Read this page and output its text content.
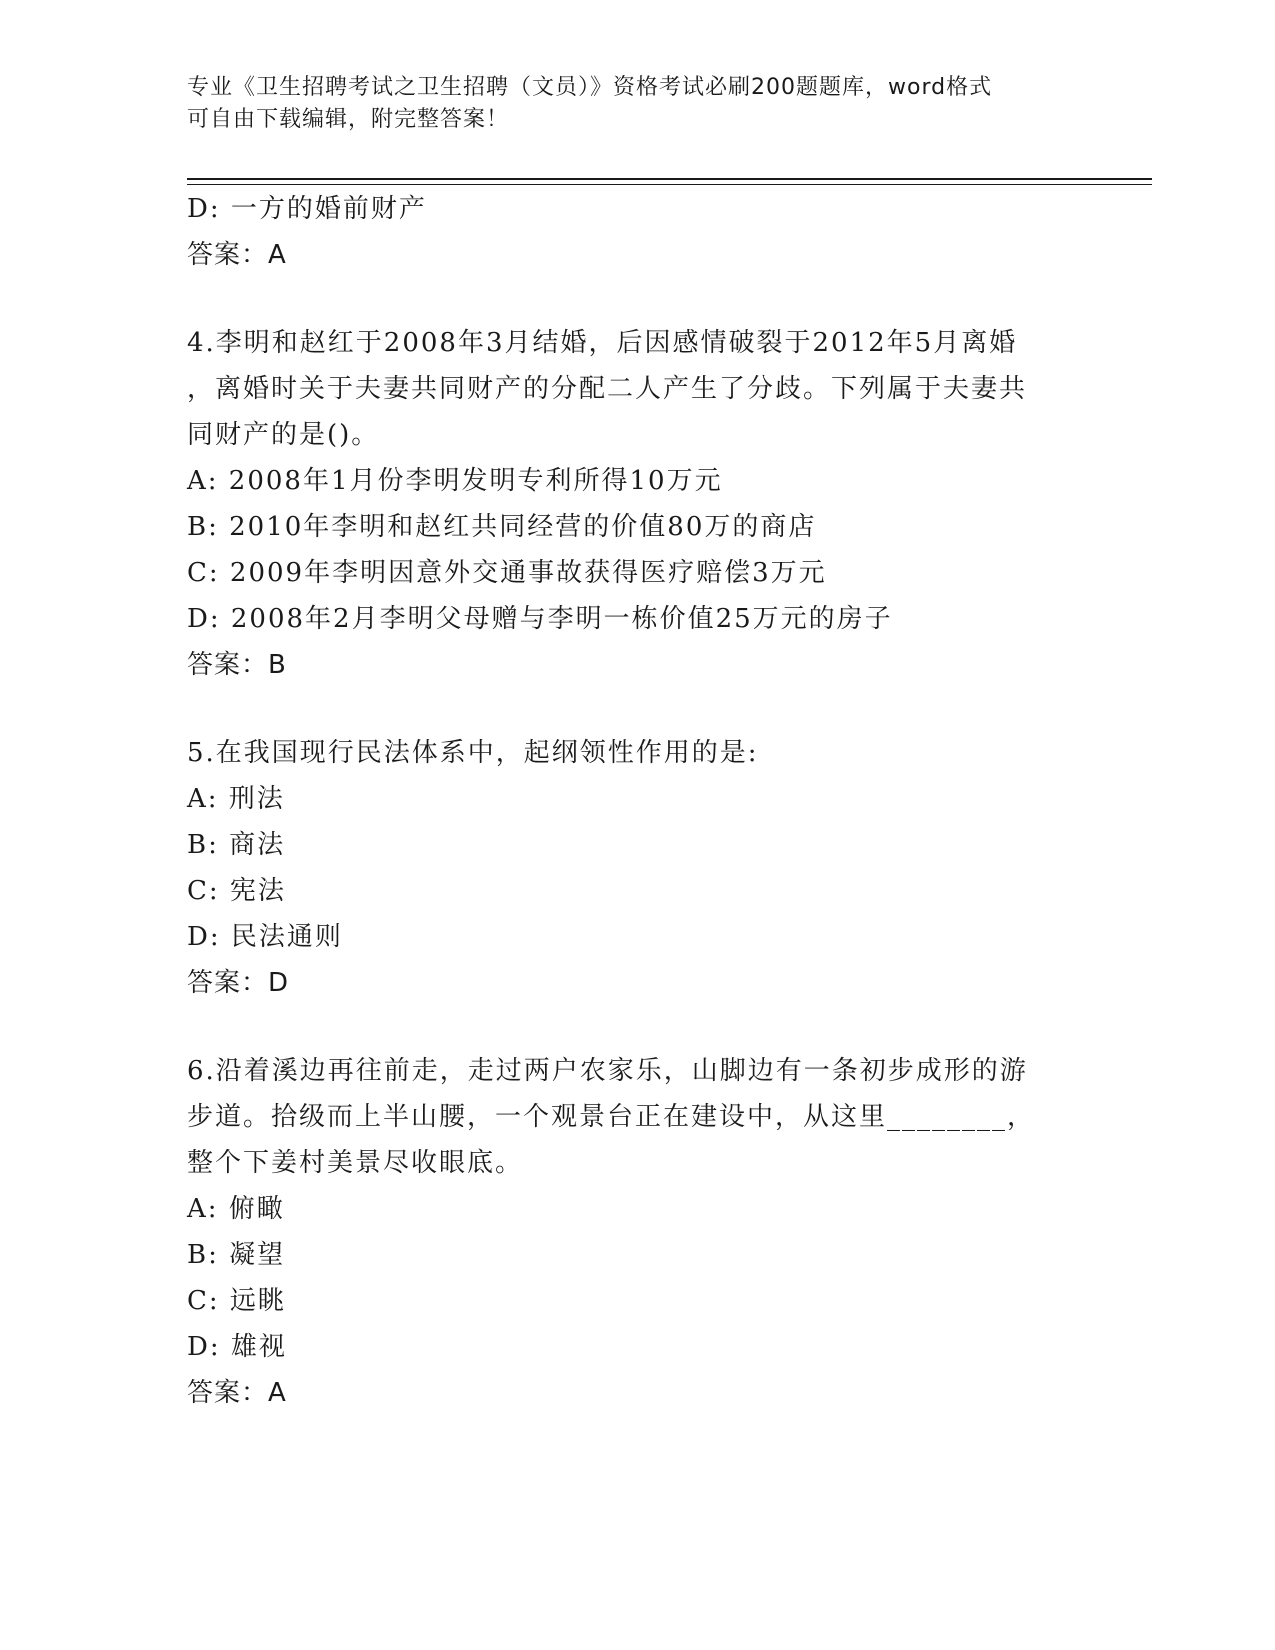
专业《卫生招聘考试之卫生招聘（文员）》资格考试必刷200题题库，word格式
可自由下载编辑，附完整答案！
D: 一方的婚前财产
答案：A
4.李明和赵红于2008年3月结婚，后因感情破裂于2012年5月离婚
，离婚时关于夫妻共同财产的分配二人产生了分歧。下列属于夫妻共
同财产的是()。
A: 2008年1月份李明发明专利所得10万元
B: 2010年李明和赵红共同经营的价值80万的商店
C: 2009年李明因意外交通事故获得医疗赔偿3万元
D: 2008年2月李明父母赠与李明一栋价值25万元的房子
答案：B
5.在我国现行民法体系中，起纲领性作用的是:
A: 刑法
B: 商法
C: 宪法
D: 民法通则
答案：D
6.沿着溪边再往前走，走过两户农家乐，山脚边有一条初步成形的游
步道。拾级而上半山腰，一个观景台正在建设中，从这里________，
整个下姜村美景尽收眼底。
A: 俯瞰
B: 凝望
C: 远眺
D: 雄视
答案：A
